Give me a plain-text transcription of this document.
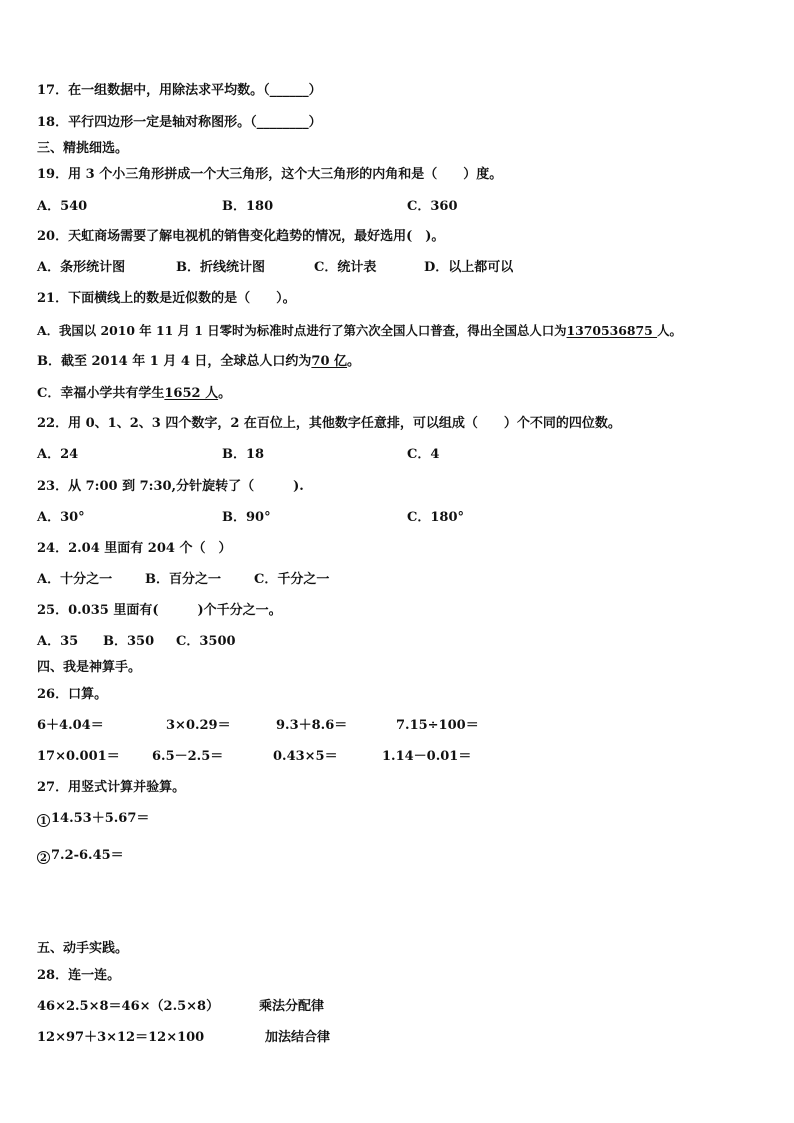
17．在一组数据中，用除法求平均数。（______）
18．平行四边形一定是轴对称图形。（________）
三、精挑细选。
19．用 3 个小三角形拼成一个大三角形，这个大三角形的内角和是（　　）度。
A．540	B．180	C．360
20．天虹商场需要了解电视机的销售变化趋势的情况，最好选用(　)。
A．条形统计图	B．折线统计图	C．统计表	D．以上都可以
21．下面横线上的数是近似数的是（　　）。
A．我国以 2010 年 11 月 1 日零时为标准时点进行了第六次全国人口普查，得出全国总人口为1370536875 人。
B．截至 2014 年 1 月 4 日，全球总人口约为70 亿。
C．幸福小学共有学生1652 人。
22．用 0、1、2、3 四个数字，2 在百位上，其他数字任意排，可以组成（　　）个不同的四位数。
A．24	B．18	C．4
23．从 7:00 到 7:30,分针旋转了（　　　).
A．30°	B．90°	C．180°
24．2.04 里面有 204 个（　）
A．十分之一	B．百分之一	C．千分之一
25．0.035 里面有(　　　)个千分之一。
A．35 B．350 C．3500
四、我是神算手。
26．口算。
6＋4.04＝	3×0.29＝	9.3＋8.6＝	7.15÷100＝
17×0.001＝ 6.5－2.5＝	0.43×5＝	1.14－0.01＝
27．用竖式计算并验算。
1 14.53＋5.67＝
2 7.2-6.45＝
五、动手实践。
28．连一连。
46×2.5×8＝46×（2.5×8）	乘法分配律
12×97＋3×12＝12×100	加法结合律
